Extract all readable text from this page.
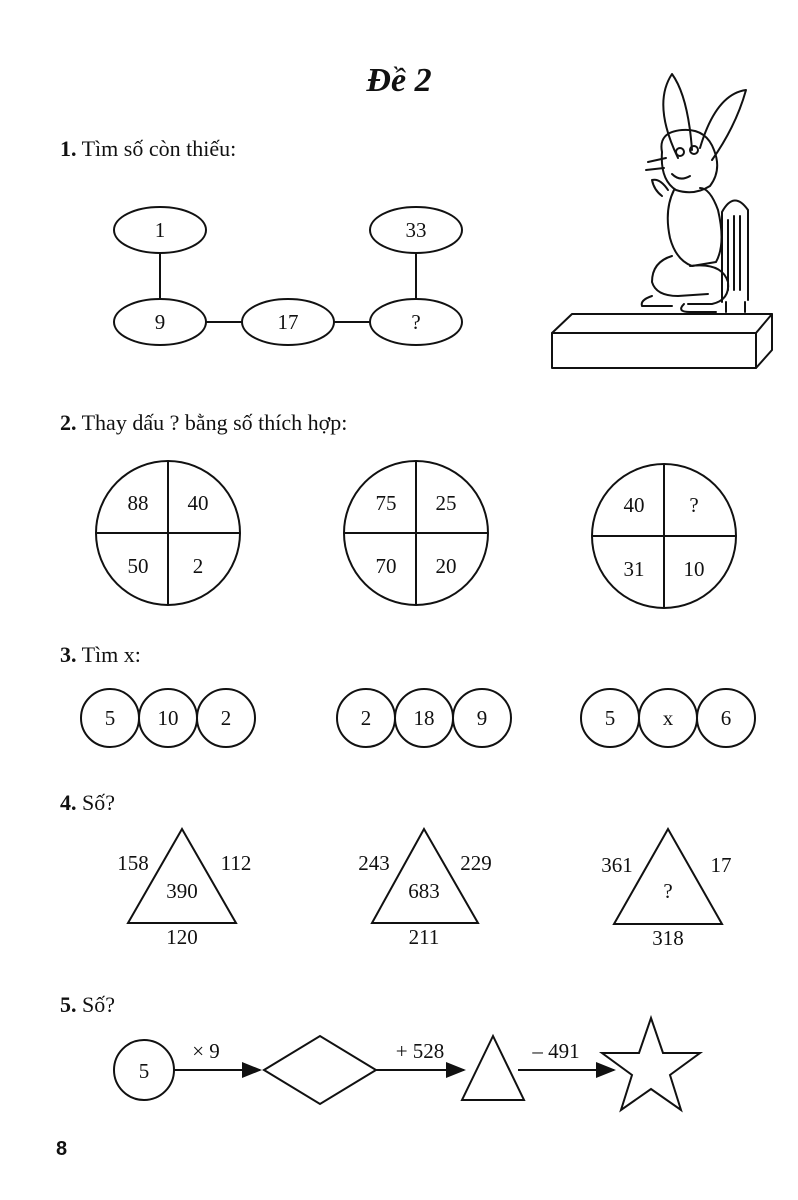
Đề 2
1. Tìm số còn thiếu:
2. Thay dấu ? bằng số thích hợp:
3. Tìm x:
4. Số?
5. Số?
8
1	33
9	17	?
88 40
50 2
75 25
70 20
40 ?
31 10
5 10 2	2 18 9	5 x 6
158	112
390
120
243	229
683
211
361	17
?
318
5
× 9	+ 528	– 491
